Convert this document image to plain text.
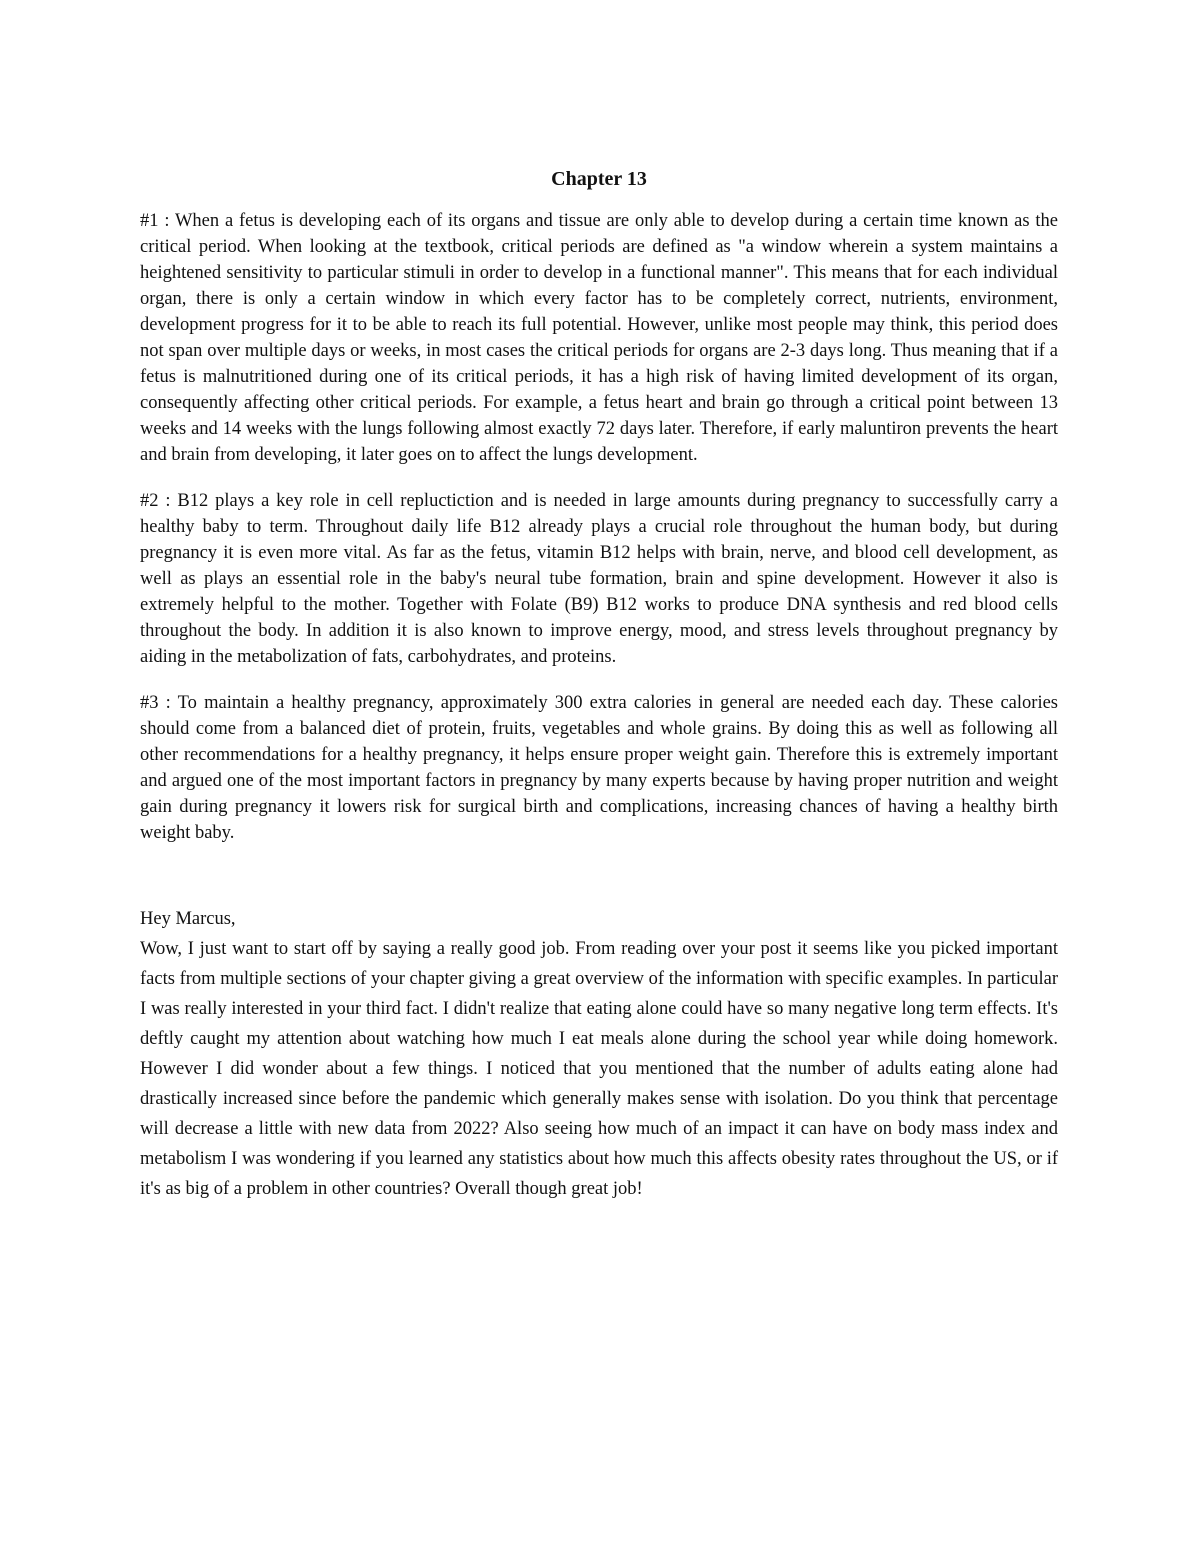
Chapter 13

#1 : When a fetus is developing each of its organs and tissue are only able to develop during a certain time known as the critical period. When looking at the textbook, critical periods are defined as "a window wherein a system maintains a heightened sensitivity to particular stimuli in order to develop in a functional manner". This means that for each individual organ, there is only a certain window in which every factor has to be completely correct, nutrients, environment, development progress for it to be able to reach its full potential. However, unlike most people may think, this period does not span over multiple days or weeks, in most cases the critical periods for organs are 2-3 days long. Thus meaning that if a fetus is malnutritioned during one of its critical periods, it has a high risk of having limited development of its organ, consequently affecting other critical periods. For example, a fetus heart and brain go through a critical point between 13 weeks and 14 weeks with the lungs following almost exactly 72 days later. Therefore, if early maluntiron prevents the heart and brain from developing, it later goes on to affect the lungs development.

#2 : B12 plays a key role in cell repluctiction and is needed in large amounts during pregnancy to successfully carry a healthy baby to term. Throughout daily life B12 already plays a crucial role throughout the human body, but during pregnancy it is even more vital. As far as the fetus, vitamin B12 helps with brain, nerve, and blood cell development, as well as plays an essential role in the baby's neural tube formation, brain and spine development. However it also is extremely helpful to the mother. Together with Folate (B9) B12 works to produce DNA synthesis and red blood cells throughout the body. In addition it is also known to improve energy, mood, and stress levels throughout pregnancy by aiding in the metabolization of fats, carbohydrates, and proteins.

#3 : To maintain a healthy pregnancy, approximately 300 extra calories in general are needed each day. These calories should come from a balanced diet of protein, fruits, vegetables and whole grains. By doing this as well as following all other recommendations for a healthy pregnancy, it helps ensure proper weight gain. Therefore this is extremely important and argued one of the most important factors in pregnancy by many experts because by having proper nutrition and weight gain during pregnancy it lowers risk for surgical birth and complications, increasing chances of having a healthy birth weight baby.

Hey Marcus,

Wow, I just want to start off by saying a really good job. From reading over your post it seems like you picked important facts from multiple sections of your chapter giving a great overview of the information with specific examples. In particular I was really interested in your third fact. I didn't realize that eating alone could have so many negative long term effects. It's deftly caught my attention about watching how much I eat meals alone during the school year while doing homework. However I did wonder about a few things. I noticed that you mentioned that the number of adults eating alone had drastically increased since before the pandemic which generally makes sense with isolation. Do you think that percentage will decrease a little with new data from 2022? Also seeing how much of an impact it can have on body mass index and metabolism I was wondering if you learned any statistics about how much this affects obesity rates throughout the US, or if it's as big of a problem in other countries? Overall though great job!
